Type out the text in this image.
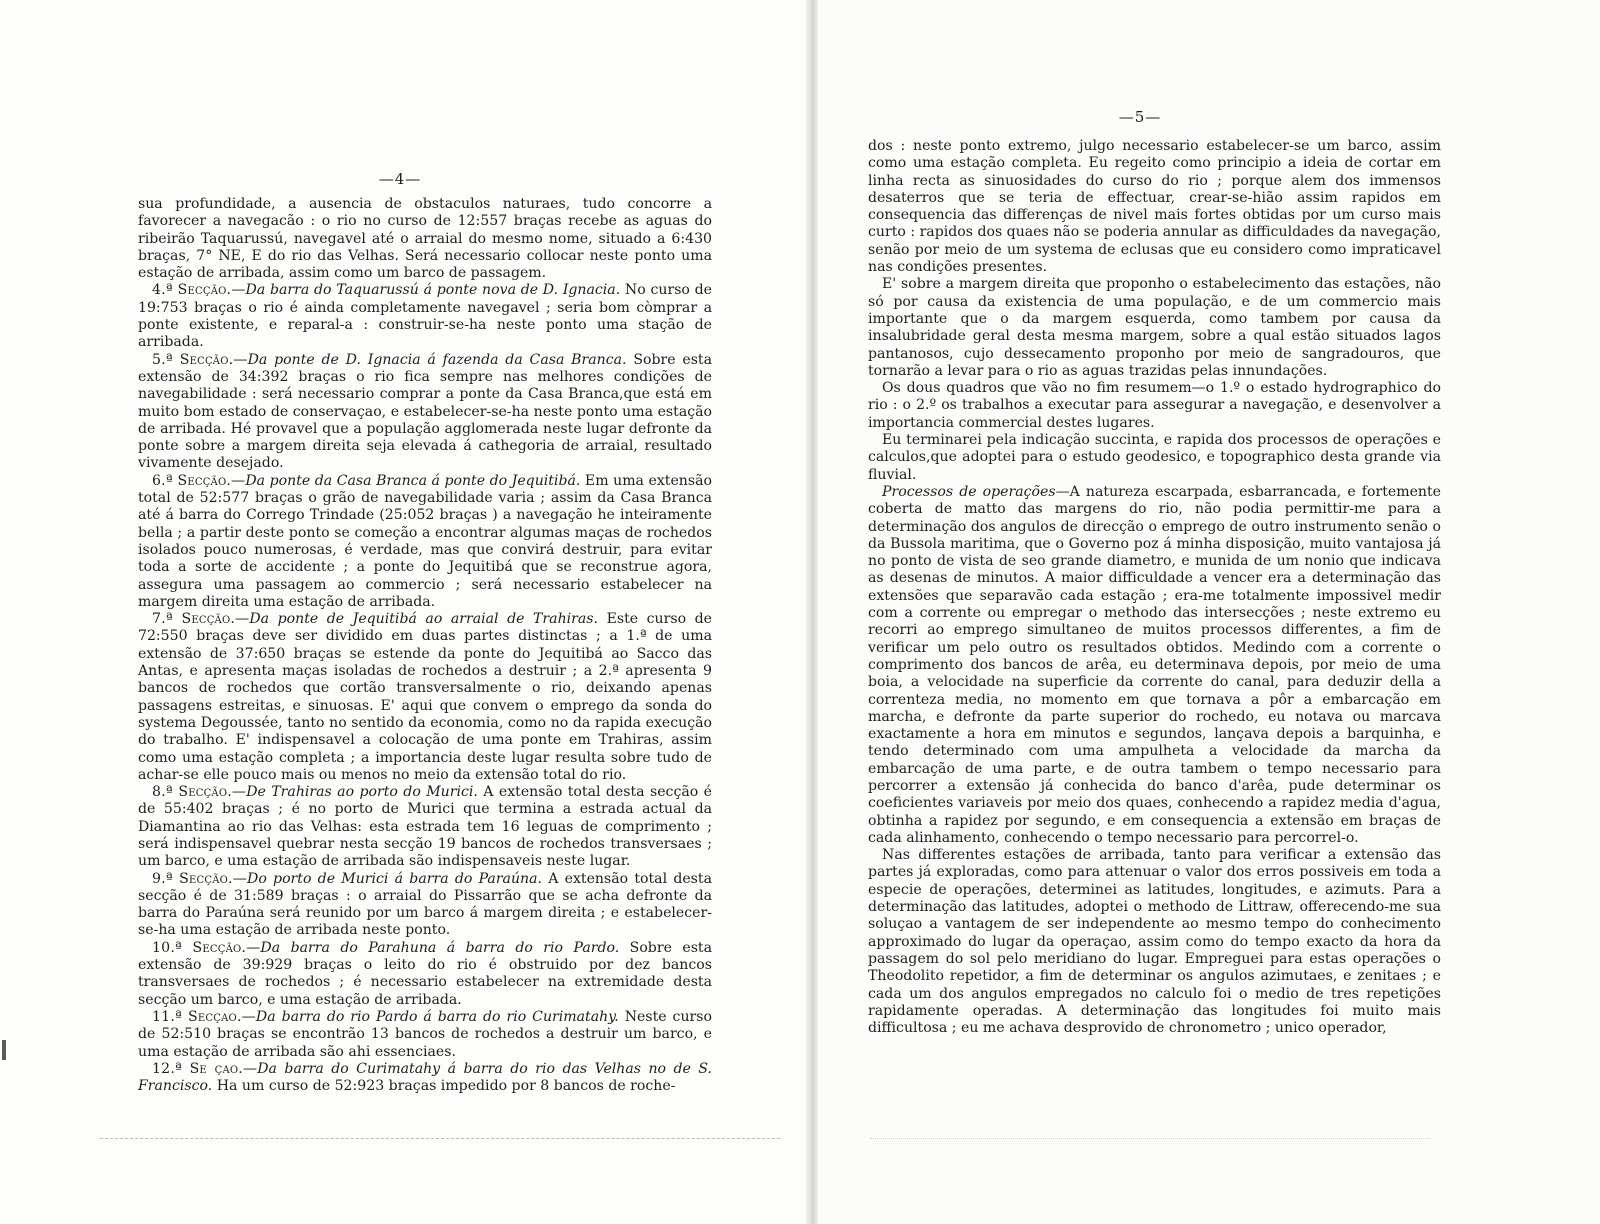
—4—

sua profundidade, a ausencia de obstaculos naturaes, tudo concorre a favorecer a navegacão : o rio no curso de 12:557 braças recebe as aguas do ribeirão Taquarussú, navegavel até o arraial do mesmo nome, situado a 6:430 braças, 7° NE, E do rio das Velhas. Será necessario collocar neste ponto uma estação de arribada, assim como um barco de passagem.

4.ª Secção.—Da barra do Taquarussú á ponte nova de D. Ignacia. No curso de 19:753 braças o rio é ainda completamente navegavel ; seria bom còmprar a ponte existente, e reparal-a : construir-se-ha neste ponto uma stação de arribada.

5.ª Secção.—Da ponte de D. Ignacia á fazenda da Casa Branca. Sobre esta extensão de 34:392 braças o rio fica sempre nas melhores condições de navegabilidade : será necessario comprar a ponte da Casa Branca,que está em muito bom estado de conservaçao, e estabelecer-se-ha neste ponto uma estação de arribada. Hé provavel que a população agglomerada neste lugar defronte da ponte sobre a margem direita seja elevada á cathegoria de arraial, resultado vivamente desejado.

6.ª Secção.—Da ponte da Casa Branca á ponte do Jequitibá. Em uma extensão total de 52:577 braças o grão de navegabilidade varia ; assim da Casa Branca até á barra do Corrego Trindade (25:052 braças ) a navegação he inteiramente bella ; a partir deste ponto se começão a encontrar algumas maças de rochedos isolados pouco numerosas, é verdade, mas que convirá destruir, para evitar toda a sorte de accidente ; a ponte do Jequitibá que se reconstrue agora, assegura uma passagem ao commercio ; será necessario estabelecer na margem direita uma estação de arribada.

7.ª Secção.—Da ponte de Jequitibá ao arraial de Trahiras. Este curso de 72:550 braças deve ser dividido em duas partes distinctas ; a 1.ª de uma extensão de 37:650 braças se estende da ponte do Jequitibá ao Sacco das Antas, e apresenta maças isoladas de rochedos a destruir ; a 2.ª apresenta 9 bancos de rochedos que cortão transversalmente o rio, deixando apenas passagens estreitas, e sinuosas. E' aqui que convem o emprego da sonda do systema Degoussée, tanto no sentido da economia, como no da rapida execução do trabalho. E' indispensavel a colocação de uma ponte em Trahiras, assim como uma estação completa ; a importancia deste lugar resulta sobre tudo de achar-se elle pouco mais ou menos no meio da extensão total do rio.

8.ª Secção.—De Trahiras ao porto do Murici. A extensão total desta secção é de 55:402 braças ; é no porto de Murici que termina a estrada actual da Diamantina ao rio das Velhas: esta estrada tem 16 leguas de comprimento ; será indispensavel quebrar nesta secção 19 bancos de rochedos transversaes ; um barco, e uma estação de arribada são indispensaveis neste lugar.

9.ª Secção.—Do porto de Murici á barra do Paraúna. A extensão total desta secção é de 31:589 braças : o arraial do Pissarrão que se acha defronte da barra do Paraúna será reunido por um barco á margem direita ; e estabelecer-se-ha uma estação de arribada neste ponto.

10.ª Secção.—Da barra do Parahuna á barra do rio Pardo. Sobre esta extensão de 39:929 braças o leito do rio é obstruido por dez bancos transversaes de rochedos ; é necessario estabelecer na extremidade desta secção um barco, e uma estação de arribada.

11.ª Secçao.—Da barra do rio Pardo á barra do rio Curimatahy. Neste curso de 52:510 braças se encontrão 13 bancos de rochedos a destruir um barco, e uma estação de arribada são ahi essenciaes.

12.ª Se çao.—Da barra do Curimatahy á barra do rio das Velhas no de S. Francisco. Ha um curso de 52:923 braças impedido por 8 bancos de roche-

—5—

dos : neste ponto extremo, julgo necessario estabelecer-se um barco, assim como uma estação completa. Eu regeito como principio a ideia de cortar em linha recta as sinuosidades do curso do rio ; porque alem dos immensos desaterros que se teria de effectuar, crear-se-hião assim rapidos em consequencia das differenças de nivel mais fortes obtidas por um curso mais curto : rapidos dos quaes não se poderia annular as difficuldades da navegação, senão por meio de um systema de eclusas que eu considero como impraticavel nas condições presentes.

E' sobre a margem direita que proponho o estabelecimento das estações, não só por causa da existencia de uma população, e de um commercio mais importante que o da margem esquerda, como tambem por causa da insalubridade geral desta mesma margem, sobre a qual estão situados lagos pantanosos, cujo dessecamento proponho por meio de sangradouros, que tornarão a levar para o rio as aguas trazidas pelas innundações.

Os dous quadros que vão no fim resumem—o 1.º o estado hydrographico do rio : o 2.º os trabalhos a executar para assegurar a navegação, e desenvolver a importancia commercial destes lugares.

Eu terminarei pela indicação succinta, e rapida dos processos de operações e calculos,que adoptei para o estudo geodesico, e topographico desta grande via fluvial.

Processos de operações—A natureza escarpada, esbarrancada, e fortemente coberta de matto das margens do rio, não podia permittir-me para a determinação dos angulos de direcção o emprego de outro instrumento senão o da Bussola maritima, que o Governo poz á minha disposição, muito vantajosa já no ponto de vista de seo grande diametro, e munida de um nonio que indicava as desenas de minutos. A maior difficuldade a vencer era a determinação das extensões que separavão cada estação ; era-me totalmente impossivel medir com a corrente ou empregar o methodo das intersecções ; neste extremo eu recorri ao emprego simultaneo de muitos processos differentes, a fim de verificar um pelo outro os resultados obtidos. Medindo com a corrente o comprimento dos bancos de arêa, eu determinava depois, por meio de uma boia, a velocidade na superficie da corrente do canal, para deduzir della a correnteza media, no momento em que tornava a pôr a embarcação em marcha, e defronte da parte superior do rochedo, eu notava ou marcava exactamente a hora em minutos e segundos, lançava depois a barquinha, e tendo determinado com uma ampulheta a velocidade da marcha da embarcação de uma parte, e de outra tambem o tempo necessario para percorrer a extensão já conhecida do banco d'arêa, pude determinar os coeficientes variaveis por meio dos quaes, conhecendo a rapidez media d'agua, obtinha a rapidez por segundo, e em consequencia a extensão em braças de cada alinhamento, conhecendo o tempo necessario para percorrel-o.

Nas differentes estações de arribada, tanto para verificar a extensão das partes já exploradas, como para attenuar o valor dos erros possiveis em toda a especie de operações, determinei as latitudes, longitudes, e azimuts. Para a determinação das latitudes, adoptei o methodo de Littraw, offerecendo-me sua soluçao a vantagem de ser independente ao mesmo tempo do conhecimento approximado do lugar da operaçao, assim como do tempo exacto da hora da passagem do sol pelo meridiano do lugar. Empreguei para estas operações o Theodolito repetidor, a fim de determinar os angulos azimutaes, e zenitaes ; e cada um dos angulos empregados no calculo foi o medio de tres repetições rapidamente operadas. A determinação das longitudes foi muito mais difficultosa ; eu me achava desprovido de chronometro ; unico operador,
